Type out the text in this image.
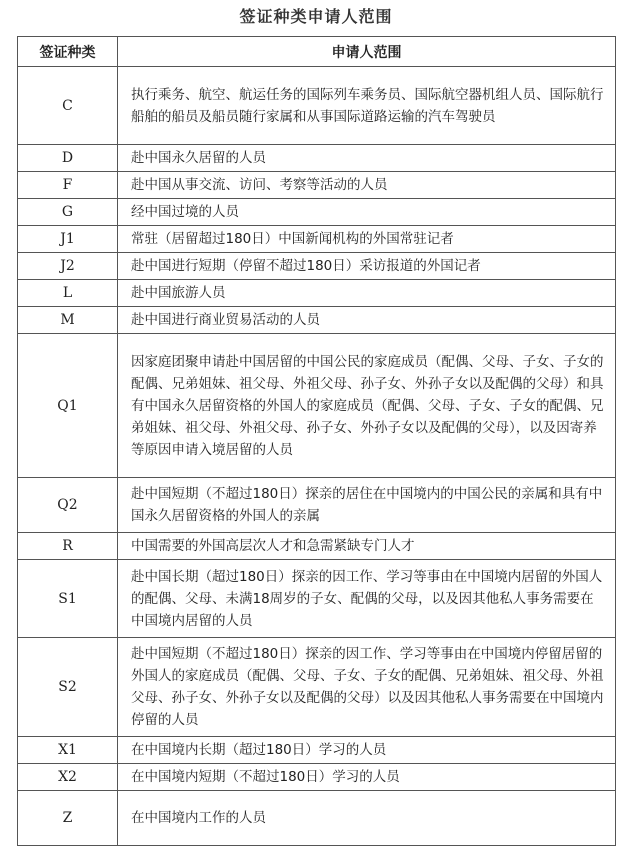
签证种类申请人范围
签证种类	申请人范围
C	执行乘务、航空、航运任务的国际列车乘务员、国际航空器机组人员、国际航行船舶的船员及船员随行家属和从事国际道路运输的汽车驾驶员
D	赴中国永久居留的人员
F	赴中国从事交流、访问、考察等活动的人员
G	经中国过境的人员
J1	常驻（居留超过180日）中国新闻机构的外国常驻记者
J2	赴中国进行短期（停留不超过180日）采访报道的外国记者
L	赴中国旅游人员
M	赴中国进行商业贸易活动的人员
Q1	因家庭团聚申请赴中国居留的中国公民的家庭成员（配偶、父母、子女、子女的配偶、兄弟姐妹、祖父母、外祖父母、孙子女、外孙子女以及配偶的父母）和具有中国永久居留资格的外国人的家庭成员（配偶、父母、子女、子女的配偶、兄弟姐妹、祖父母、外祖父母、孙子女、外孙子女以及配偶的父母），以及因寄养等原因申请入境居留的人员
Q2	赴中国短期（不超过180日）探亲的居住在中国境内的中国公民的亲属和具有中国永久居留资格的外国人的亲属
R	中国需要的外国高层次人才和急需紧缺专门人才
S1	赴中国长期（超过180日）探亲的因工作、学习等事由在中国境内居留的外国人的配偶、父母、未满18周岁的子女、配偶的父母，以及因其他私人事务需要在中国境内居留的人员
S2	赴中国短期（不超过180日）探亲的因工作、学习等事由在中国境内停留居留的外国人的家庭成员（配偶、父母、子女、子女的配偶、兄弟姐妹、祖父母、外祖父母、孙子女、外孙子女以及配偶的父母）以及因其他私人事务需要在中国境内停留的人员
X1	在中国境内长期（超过180日）学习的人员
X2	在中国境内短期（不超过180日）学习的人员
Z	在中国境内工作的人员
